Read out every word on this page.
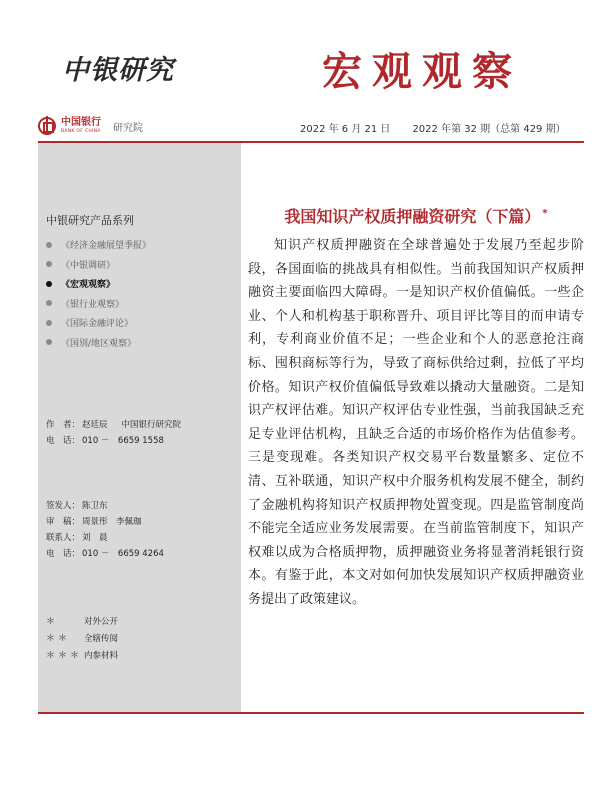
中银研究	宏观观察
中国银行
BANK OF CHINA 研究院	2022 年 6 月 21 日 2022 年第 32 期（总第 429 期）
中银研究产品系列
《经济金融展望季报》
《中银调研》
《宏观观察》
《银行业观察》
《国际金融评论》
《国别/地区观察》
作　者： 赵廷辰 中国银行研究院
电　话： 010 －　6659 1558
签发人： 陈卫东
审　稿： 周景彤　李佩珈
联系人： 刘　晨
电　话： 010 －　6659 4264
＊	对外公开
＊＊	全辖传阅
＊＊＊ 内参材料
我国知识产权质押融资研究（下篇） *

知识产权质押融资在全球普遍处于发展乃至起步阶段，各国面临的挑战具有相似性。当前我国知识产权质押融资主要面临四大障碍。一是知识产权价值偏低。一些企业、个人和机构基于职称晋升、项目评比等目的而申请专利，专利商业价值不足；一些企业和个人的恶意抢注商标、囤积商标等行为，导致了商标供给过剩，拉低了平均价格。知识产权价值偏低导致难以撬动大量融资。二是知识产权评估难。知识产权评估专业性强，当前我国缺乏充足专业评估机构，且缺乏合适的市场价格作为估值参考。三是变现难。各类知识产权交易平台数量繁多、定位不清、互补联通，知识产权中介服务机构发展不健全，制约了金融机构将知识产权质押物处置变现。四是监管制度尚不能完全适应业务发展需要。在当前监管制度下，知识产权难以成为合格质押物，质押融资业务将显著消耗银行资本。有鉴于此，本文对如何加快发展知识产权质押融资业务提出了政策建议。
